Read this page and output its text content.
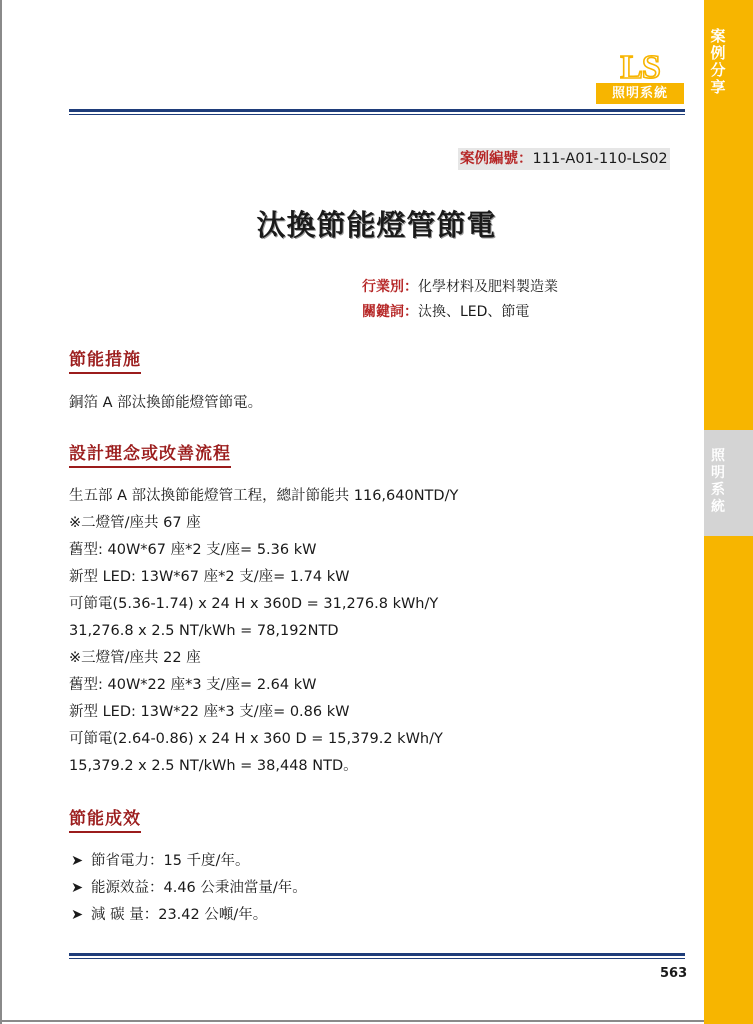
案
例
分
享
照
明
系
統
LS
照明系統
案例編號：111-A01-110-LS02
汰換節能燈管節電
行業別：化學材料及肥料製造業
關鍵詞：汰換、LED、節電
節能措施
銅箔 A 部汰換節能燈管節電。
設計理念或改善流程
生五部 A 部汰換節能燈管工程，總計節能共 116,640NTD/Y
※二燈管/座共 67 座
舊型: 40W*67 座*2 支/座= 5.36 kW
新型 LED: 13W*67 座*2 支/座= 1.74 kW
可節電(5.36-1.74) x 24 H x 360D = 31,276.8 kWh/Y
31,276.8 x 2.5 NT/kWh = 78,192NTD
※三燈管/座共 22 座
舊型: 40W*22 座*3 支/座= 2.64 kW
新型 LED: 13W*22 座*3 支/座= 0.86 kW
可節電(2.64-0.86) x 24 H x 360 D = 15,379.2 kWh/Y
15,379.2 x 2.5 NT/kWh = 38,448 NTD。
節能成效
➤ 節省電力：15 千度/年。
➤ 能源效益：4.46 公秉油當量/年。
➤ 減 碳 量：23.42 公噸/年。
563
